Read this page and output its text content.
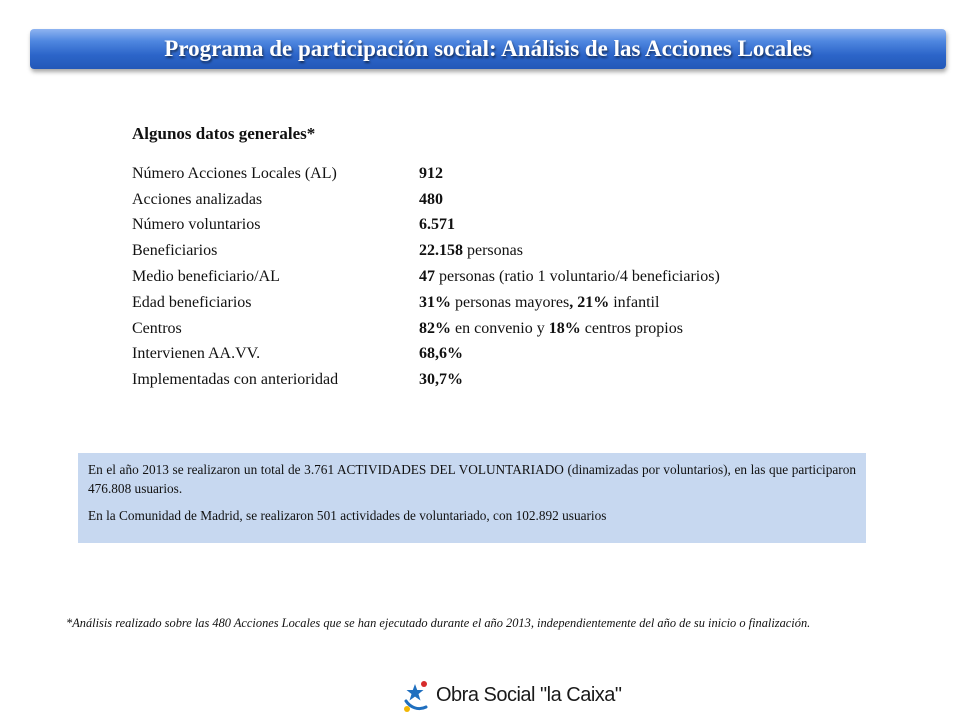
Programa de participación social: Análisis de las Acciones Locales
Algunos datos generales*
Número Acciones Locales (AL)	912
Acciones analizadas	480
Número voluntarios	6.571
Beneficiarios	22.158 personas
Medio beneficiario/AL	47 personas (ratio 1 voluntario/4 beneficiarios)
Edad beneficiarios	31% personas mayores, 21% infantil
Centros	82% en convenio y 18% centros propios
Intervienen AA.VV.	68,6%
Implementadas con anterioridad	30,7%

En el año 2013 se realizaron un total de 3.761 ACTIVIDADES DEL VOLUNTARIADO (dinamizadas por voluntarios), en las que participaron 476.808 usuarios.

En la Comunidad de Madrid, se realizaron 501 actividades de voluntariado, con 102.892 usuarios

*Análisis realizado sobre las 480 Acciones Locales que se han ejecutado durante el año 2013, independientemente del año de su inicio o finalización.
Obra Social "la Caixa"
